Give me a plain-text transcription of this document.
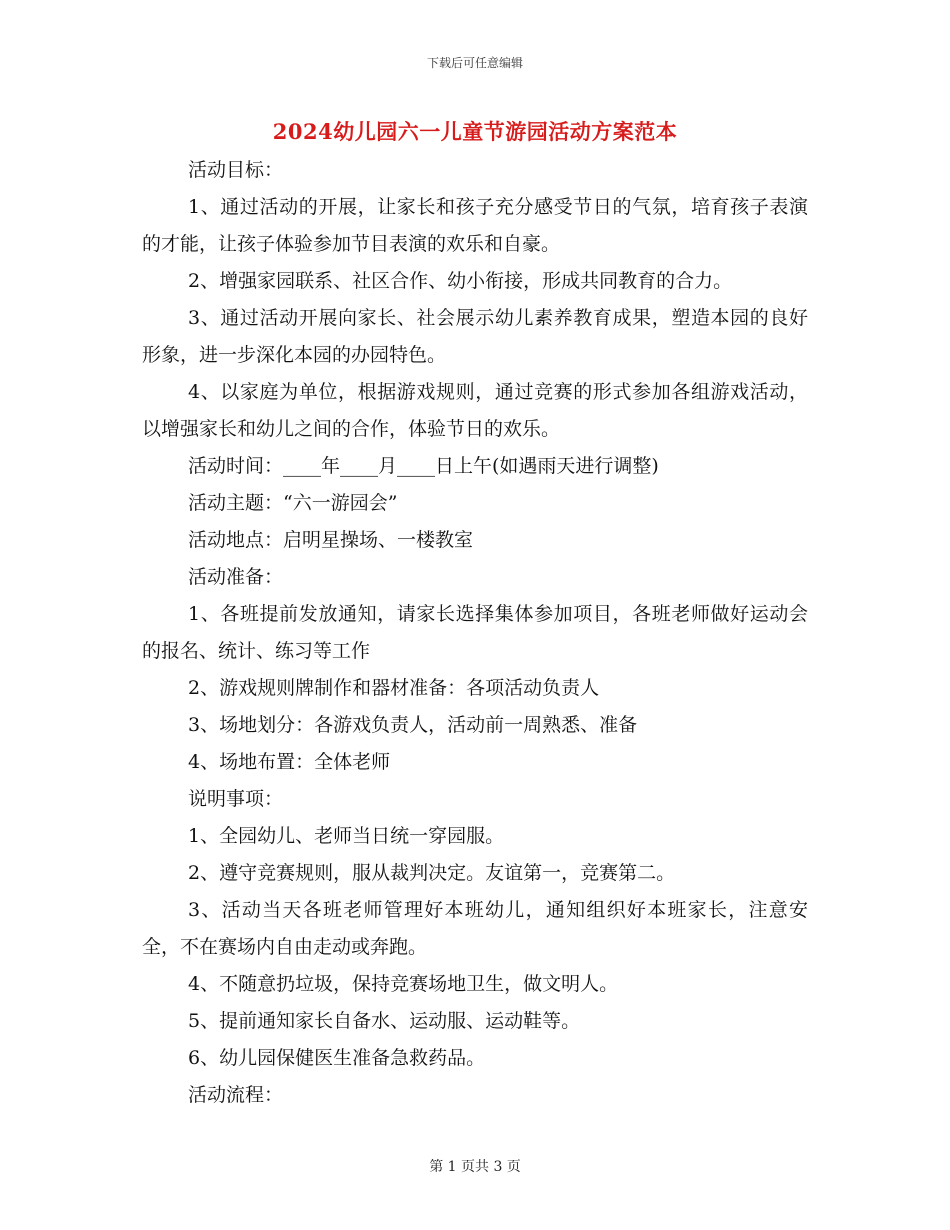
下载后可任意编辑
2024幼儿园六一儿童节游园活动方案范本

活动目标：

1、通过活动的开展，让家长和孩子充分感受节日的气氛，培育孩子表演的才能，让孩子体验参加节目表演的欢乐和自豪。

2、增强家园联系、社区合作、幼小衔接，形成共同教育的合力。

3、通过活动开展向家长、社会展示幼儿素养教育成果，塑造本园的良好形象，进一步深化本园的办园特色。

4、以家庭为单位，根据游戏规则，通过竞赛的形式参加各组游戏活动，以增强家长和幼儿之间的合作，体验节日的欢乐。

活动时间：____年____月____日上午(如遇雨天进行调整)

活动主题：“六一游园会”

活动地点：启明星操场、一楼教室

活动准备：

1、各班提前发放通知，请家长选择集体参加项目，各班老师做好运动会的报名、统计、练习等工作

2、游戏规则牌制作和器材准备：各项活动负责人

3、场地划分：各游戏负责人，活动前一周熟悉、准备

4、场地布置：全体老师

说明事项：

1、全园幼儿、老师当日统一穿园服。

2、遵守竞赛规则，服从裁判决定。友谊第一，竞赛第二。

3、活动当天各班老师管理好本班幼儿，通知组织好本班家长，注意安全，不在赛场内自由走动或奔跑。

4、不随意扔垃圾，保持竞赛场地卫生，做文明人。

5、提前通知家长自备水、运动服、运动鞋等。

6、幼儿园保健医生准备急救药品。

活动流程：

第 1 页共 3 页
